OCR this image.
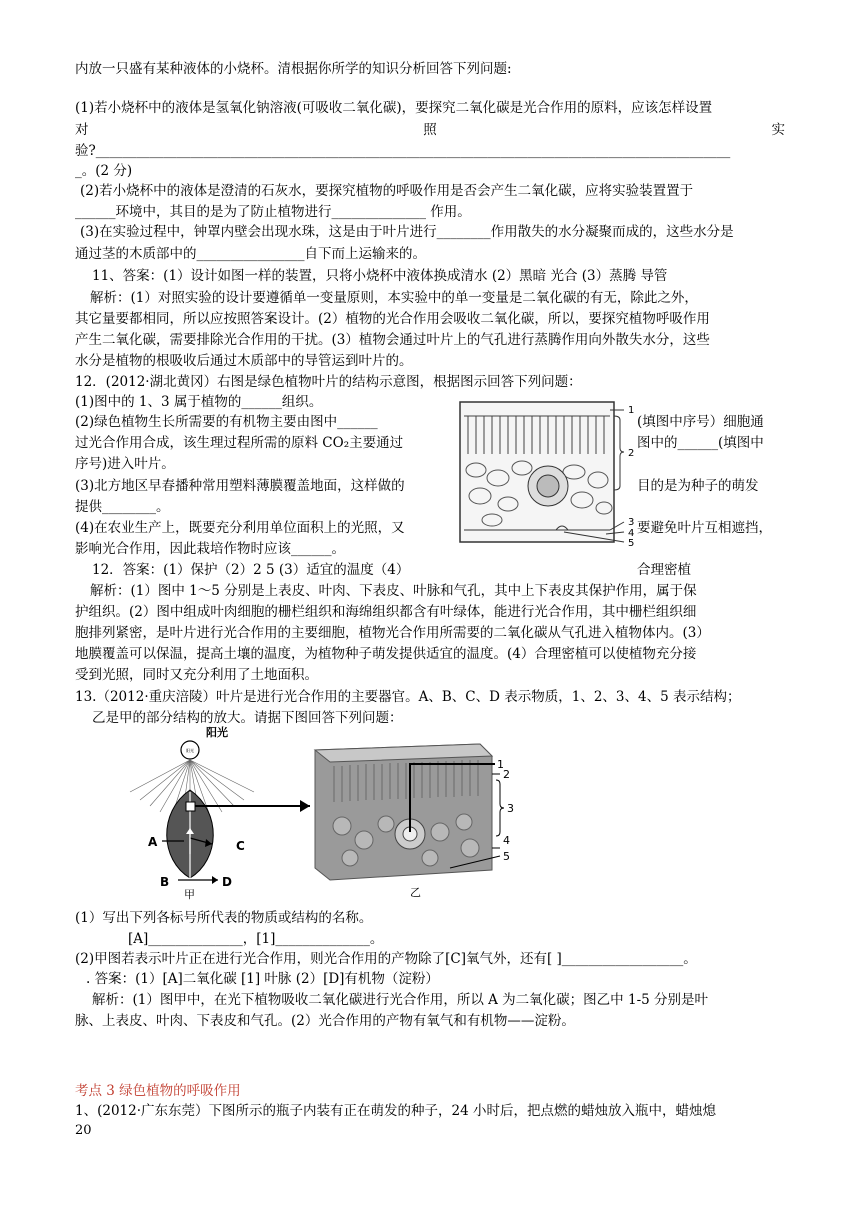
内放一只盛有某种液体的小烧杯。清根据你所学的知识分析回答下列问题:
(1)若小烧杯中的液体是氢氧化钠溶液(可吸收二氧化碳)，要探究二氧化碳是光合作用的原料，应该怎样设置
对	照	实
验?______________________________________________________________________________________________
_。(2 分)
(2)若小烧杯中的液体是澄清的石灰水，要探究植物的呼吸作用是否会产生二氧化碳，应将实验装置置于
______环境中，其目的是为了防止植物进行______________ 作用。
(3)在实验过程中，钟罩内壁会出现水珠，这是由于叶片进行________作用散失的水分凝聚而成的，这些水分是
通过茎的木质部中的________________自下而上运输来的。
11、答案：(1）设计如图一样的装置，只将小烧杯中液体换成清水 (2）黑暗 光合 (3）蒸腾 导管
解析：(1）对照实验的设计要遵循单一变量原则，本实验中的单一变量是二氧化碳的有无，除此之外，
其它量要都相同，所以应按照答案设计。(2）植物的光合作用会吸收二氧化碳，所以，要探究植物呼吸作用
产生二氧化碳，需要排除光合作用的干扰。(3）植物会通过叶片上的气孔进行蒸腾作用向外散失水分，这些
水分是植物的根吸收后通过木质部中的导管运到叶片的。
12．(2012·湖北黄冈）右图是绿色植物叶片的结构示意图，根据图示回答下列问题：
(1)图中的 1、3 属于植物的______组织。
(2)绿色植物生长所需要的有机物主要由图中______	(填图中序号）细胞通
过光合作用合成，该生理过程所需的原料 CO₂主要通过	图中的______(填图中
序号)进入叶片。
(3)北方地区早春播种常用塑料薄膜覆盖地面，这样做的	目的是为种子的萌发
提供________。
(4)在农业生产上，既要充分利用单位面积上的光照，又	要避免叶片互相遮挡，
影响光合作用，因此栽培作物时应该______。
12．答案：(1）保护（2）2 5 (3）适宜的温度（4）	合理密植
解析：(1）图中 1～5 分别是上表皮、叶肉、下表皮、叶脉和气孔，其中上下表皮其保护作用，属于保
护组织。(2）图中组成叶肉细胞的栅栏组织和海绵组织都含有叶绿体，能进行光合作用，其中栅栏组织细
胞排列紧密，是叶片进行光合作用的主要细胞，植物光合作用所需要的二氧化碳从气孔进入植物体内。(3）
地膜覆盖可以保温，提高土壤的温度，为植物种子萌发提供适宜的温度。(4）合理密植可以使植物充分接
受到光照，同时又充分利用了土地面积。
13.（2012·重庆涪陵）叶片是进行光合作用的主要器官。A、B、C、D 表示物质，1、2、3、4、5 表示结构；
乙是甲的部分结构的放大。请据下图回答下列问题：
1
2
3
4
5
阳光
阳光
A	C
B	D
甲
1
2
3
4
5
乙
(1）写出下列各标号所代表的物质或结构的名称。
[A]______________，[1]______________。
(2)甲图若表示叶片正在进行光合作用，则光合作用的产物除了[C]氧气外，还有[ ]__________________。
. 答案：(1）[A]二氧化碳 [1] 叶脉 (2）[D]有机物（淀粉）
解析：(1）图甲中，在光下植物吸收二氧化碳进行光合作用，所以 A 为二氧化碳；图乙中 1-5 分别是叶
脉、上表皮、叶肉、下表皮和气孔。(2）光合作用的产物有氧气和有机物——淀粉。
考点 3 绿色植物的呼吸作用
1、(2012·广东东莞）下图所示的瓶子内装有正在萌发的种子，24 小时后，把点燃的蜡烛放入瓶中，蜡烛熄
20
